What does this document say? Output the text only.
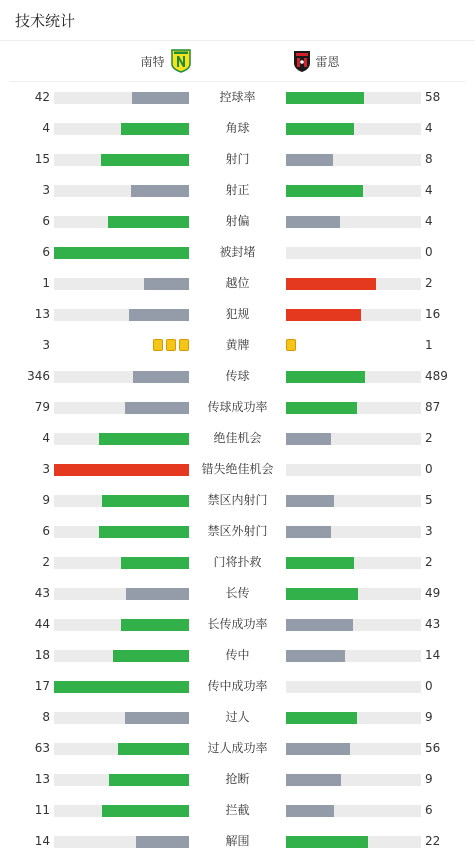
技术统计
南特	雷恩
42	控球率	58
4	角球	4
15	射门	8
3	射正	4
6	射偏	4
6	被封堵	0
1	越位	2
13	犯规	16
3	黄牌	1
346	传球	489
79	传球成功率	87
4	绝佳机会	2
3	错失绝佳机会	0
9	禁区内射门	5
6	禁区外射门	3
2	门将扑救	2
43	长传	49
44	长传成功率	43
18	传中	14
17	传中成功率	0
8	过人	9
63	过人成功率	56
13	抢断	9
11	拦截	6
14	解围	22
